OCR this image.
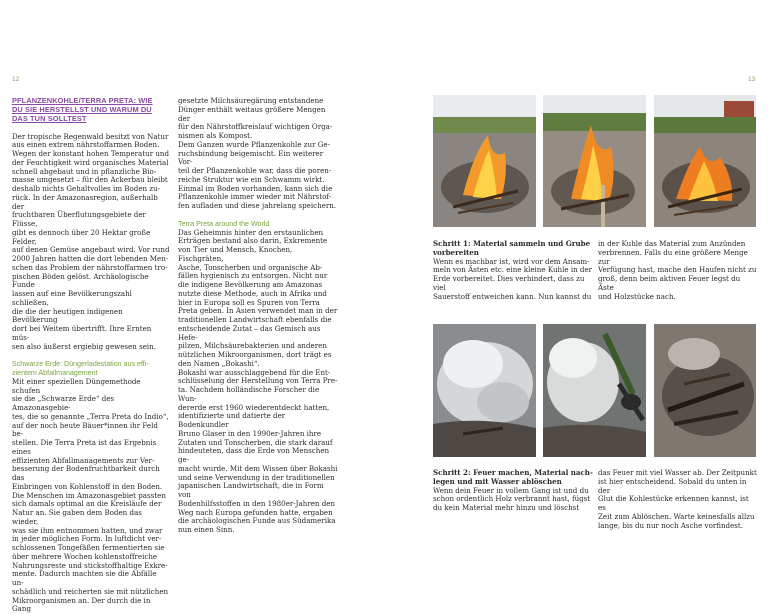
12	13
PFLANZENKOHLE/TERRA PRETA: WIE
DU SIE HERSTELLST UND WARUM DU
DAS TUN SOLLTEST

Der tropische Regenwald besitzt von Natur
aus einen extrem nährstoffarmen Boden.
Wegen der konstant hohen Temperatur und
der Feuchtigkeit wird organisches Material
schnell abgebaut und in pflanzliche Bio-
masse umgesetzt – für den Ackerbau bleibt
deshalb nichts Gehaltvolles im Boden zu-
rück. In der Amazonasregion, außerhalb der
fruchtbaren Überflutungsgebiete der Flüsse,
gibt es dennoch über 20 Hektar große Felder,
auf denen Gemüse angebaut wird. Vor rund
2000 Jahren hatten die dort lebenden Men-
schen das Problem der nährstoffarmen tro-
pischen Böden gelöst. Archäologische Funde
lassen auf eine Bevölkerungszahl schließen,
die die der heutigen indigenen Bevölkerung
dort bei Weitem übertrifft. Ihre Ernten müs-
sen also äußerst ergiebig gewesen sein.

Schwarze Erde: Düngerladestation aus effi-
zientem Abfallmanagement

Mit einer speziellen Düngemethode schufen
sie die „Schwarze Erde“ des Amazonasgebie-
tes, die so genannte „Terra Preta do Indio“,
auf der noch heute Bäuer*innen ihr Feld be-
stellen. Die Terra Preta ist das Ergebnis eines
effizienten Abfallmanagements zur Ver-
besserung der Bodenfruchtbarkeit durch das
Einbringen von Kohlenstoff in den Boden.
Die Menschen im Amazonasgebiet passten
sich damals optimal an die Kreisläufe der
Natur an. Sie gaben dem Boden das wieder,
was sie ihm entnommen hatten, und zwar
in jeder möglichen Form. In luftdicht ver-
schlossenen Tongefäßen fermentierten sie
über mehrere Wochen kohlenstoffreiche
Nahrungsreste und stickstoffhaltige Exkre-
mente. Dadurch machten sie die Abfälle un-
schädlich und reicherten sie mit nützlichen
Mikroorganismen an. Der durch die in Gang

gesetzte Milchsäuregärung entstandene
Dünger enthält weitaus größere Mengen der
für den Nährstoffkreislauf wichtigen Orga-
nismen als Kompost.
Dem Ganzen wurde Pflanzenkohle zur Ge-
ruchsbindung beigemischt. Ein weiterer Vor-
teil der Pflanzenkohle war, dass die poren-
reiche Struktur wie ein Schwamm wirkt.
Einmal im Boden vorhanden, kann sich die
Pflanzenkohle immer wieder mit Nährstof-
fen aufladen und diese jahrelang speichern.

Terra Preta around the World

Das Geheimnis hinter den erstaunlichen
Erträgen bestand also darin, Exkremente
von Tier und Mensch, Knochen, Fischgräten,
Asche, Tonscherben und organische Ab-
fällen hygienisch zu entsorgen. Nicht nur
die indigene Bevölkerung am Amazonas
nutzte diese Methode, auch in Afrika und
hier in Europa soll es Spuren von Terra
Preta geben. In Asien verwendet man in der
traditionellen Landwirtschaft ebenfalls die
entscheidende Zutat – das Gemisch aus Hefe-
pilzen, Milchsäurebakterien und anderen
nützlichen Mikroorganismen, dort trägt es
den Namen „Bokashi“.
Bokashi war ausschlaggebend für die Ent-
schlüsselung der Herstellung von Terra Pre-
ta. Nachdem holländische Forscher die Wun-
dererde erst 1960 wiederentdeckt hatten,
identifizierte und datierte der Bodenkundler
Bruno Glaser in den 1990er-Jahren ihre
Zutaten und Tonscherben, die stark darauf
hindeuteten, dass die Erde von Menschen ge-
macht wurde. Mit dem Wissen über Bokashi
und seine Verwendung in der traditionellen
japanischen Landwirtschaft, die in Form von
Bodenhilfsstoffen in den 1980er-Jahren den
Weg nach Europa gefunden hatte, ergaben
die archäologischen Funde aus Südamerika
nun einen Sinn.

Schritt 1: Material sammeln und Grube
vorbereiten
Wenn es machbar ist, wird vor dem Ansam-
meln von Ästen etc. eine kleine Kuhle in der
Erde vorbereitet. Dies verhindert, dass zu viel
Sauerstoff entweichen kann. Nun kannst du

in der Kuhle das Material zum Anzünden
verbrennen. Falls du eine größere Menge zur
Verfügung hast, mache den Haufen nicht zu
groß, denn beim aktiven Feuer legst du Äste
und Holzstücke nach.

Schritt 2: Feuer machen, Material nach-
legen und mit Wasser ablöschen
Wenn dein Feuer in vollem Gang ist und du
schon ordentlich Holz verbrannt hast, fügst
du kein Material mehr hinzu und löschst

das Feuer mit viel Wasser ab. Der Zeitpunkt
ist hier entscheidend. Sobald du unten in der
Glut die Kohlestücke erkennen kannst, ist es
Zeit zum Ablöschen. Warte keinesfalls allzu
lange, bis du nur noch Asche vorfindest.
